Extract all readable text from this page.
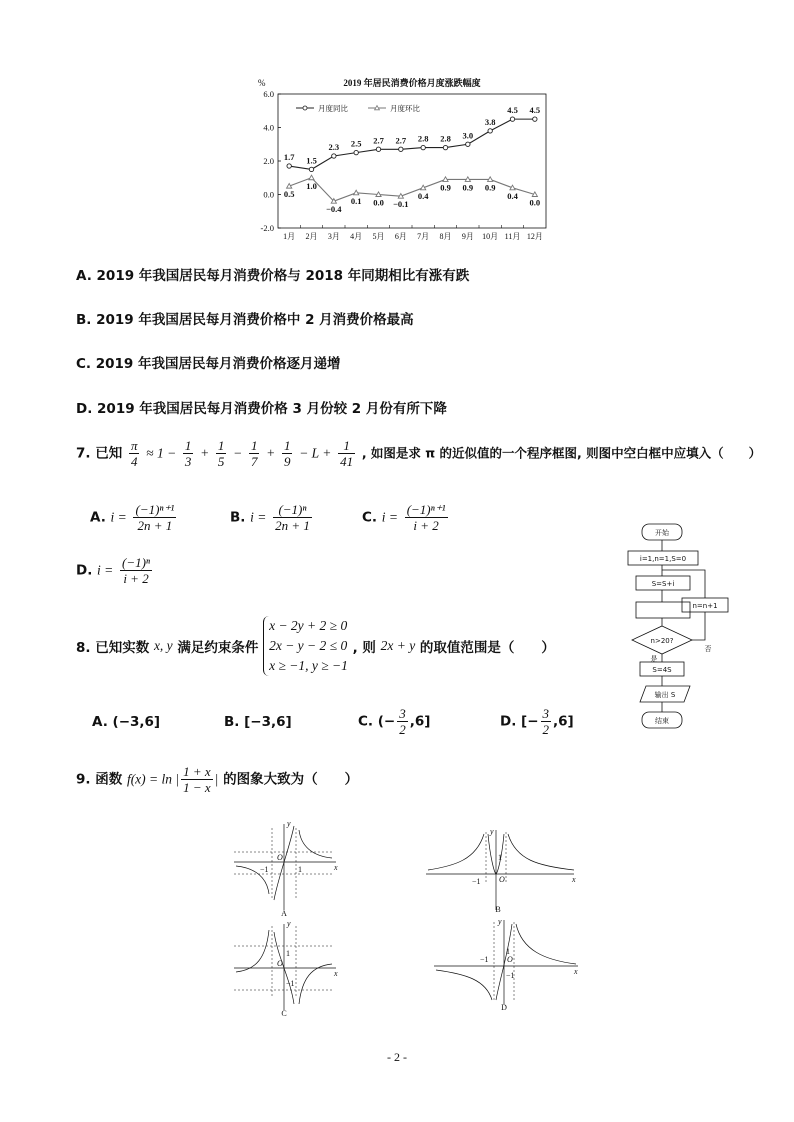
2019 年居民消费价格月度涨跌幅度
%
6.0
4.0
2.0
0.0
-2.0
1月 2月 3月 4月 5月 6月 7月 8月 9月 10月 11月 12月
1.7 1.5
2.3 2.5 2.7 2.7 2.8 2.8 3.0
3.8
4.5 4.5
0.5
1.0
−0.4
0.1 0.0 −0.1
0.4
0.9 0.9 0.9
0.4
0.0
月度同比	月度环比
A. 2019 年我国居民每月消费价格与 2018 年同期相比有涨有跌
B. 2019 年我国居民每月消费价格中 2 月消费价格最高
C. 2019 年我国居民每月消费价格逐月递增
D. 2019 年我国居民每月消费价格 3 月份较 2 月份有所下降
7. 已知 $\frac{\pi}{4} \approx 1 - \frac{1}{3} + \frac{1}{5} - \frac{1}{7} + \frac{1}{9} - L + \frac{1}{41}$ , 如图是求 π 的近似值的一个程序框图, 则图中空白框中应填入（　　）
A. $i = \frac{\text{(−1)ⁿ⁺¹}}{2n + 1}$	B. $i = \frac{\text{(−1)ⁿ}}{2n + 1}$	C. $i = \frac{\text{(−1)ⁿ⁺¹}}{i + 2}$
D. $i = \frac{\text{(−1)ⁿ}}{i + 2}$
开始
i=1,n=1,S=0
S=S+i
n=n+1
n>20?
是
否
S=4S
输出 S
结束
8. 已知实数 x, y 满足约束条件
x − 2y + 2 ≥ 0
2x − y − 2 ≤ 0
x ≥ −1, y ≥ −1
, 则 2x + y 的取值范围是（　　）
A. (−3,6]	B. [−3,6]	C. (− $\frac{3}{2} ,6$]	D. [− $\frac{3}{2} ,6$]
9. 函数 f(x) = ln | $\frac{1 + x}{1 - x}$ | 的图象大致为（　　）
y
x
O
−1	1
A
y
x
O
−1
1
B
y
x
O
1
−1
C
y
x
O
−1
1
−1
D
- 2 -
